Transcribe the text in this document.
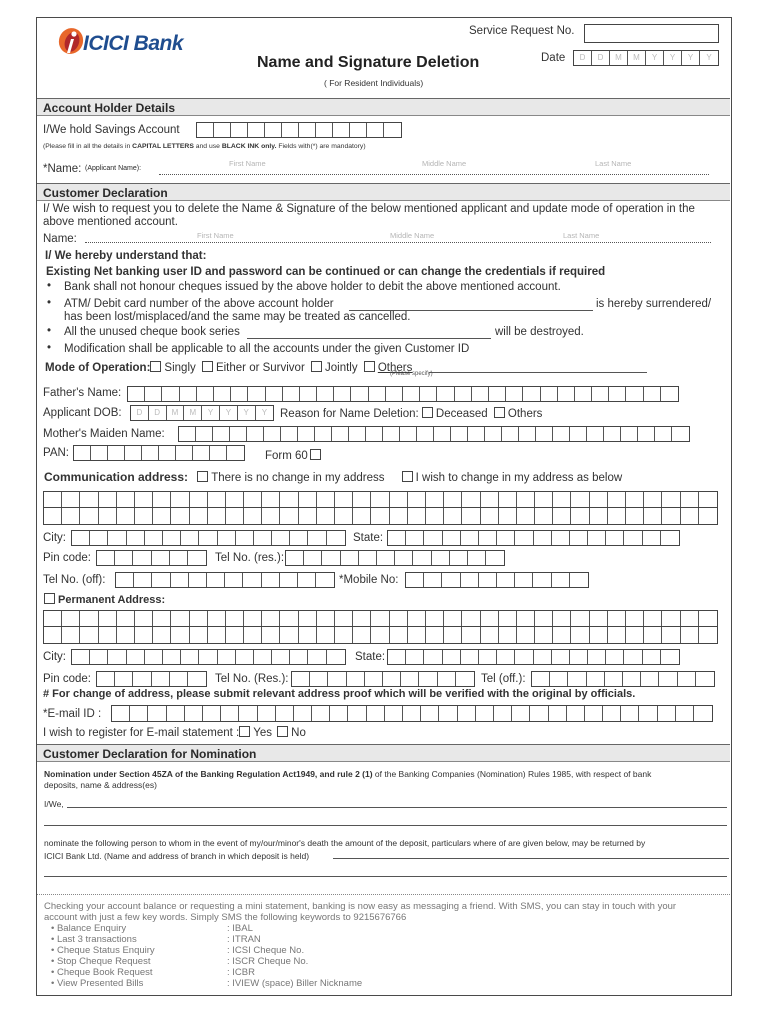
ICICI Bank
Name and Signature Deletion
( For Resident Individuals)
Service Request No.
Date	D	D	M	M	Y	Y	Y	Y
Account Holder Details
I/We hold Savings Account
(Please fill in all the details in CAPITAL LETTERS and use BLACK INK only. Fields with(*) are mandatory)
*Name: (Applicant Name):
First Name	Middle Name	Last Name
Customer Declaration
I/ We wish to request you to delete the Name & Signature of the below mentioned applicant and update mode of operation in the
above mentioned account.
Name:	First Name	Middle Name	Last Name
I/ We hereby understand that:
Existing Net banking user ID and password can be continued or can change the credentials if required
• Bank shall not honour cheques issued by the above holder to debit the above mentioned account.
• ATM/ Debit card number of the above account holder	is hereby surrendered/
has been lost/misplaced/and the same may be treated as cancelled.
• All the unused cheque book series	will be destroyed.
• Modification shall be applicable to all the accounts under the given Customer ID
Mode of Operation: Singly Either or Survivor Jointly Others
(Please specify)
Father's Name:
Applicant DOB:	D	D	M	M	Y	Y	Y	Y	Reason for Name Deletion: Deceased Others
Mother's Maiden Name:
PAN:	Form 60
Communication address: There is no change in my address	I wish to change in my address as below
City:	State:
Pin code:	Tel No. (res.):
Tel No. (off):	*Mobile No:
Permanent Address:
City:	State:
Pin code:	Tel No. (Res.):	Tel (off.):
# For change of address, please submit relevant address proof which will be verified with the original by officials.
*E-mail ID :
I wish to register for E-mail statement : Yes No
Customer Declaration for Nomination
Nomination under Section 45ZA of the Banking Regulation Act1949, and rule 2 (1) of the Banking Companies (Nomination) Rules 1985, with respect of bank
deposits, name & address(es)
I/We,
nominate the following person to whom in the event of my/our/minor's death the amount of the deposit, particulars where of are given below, may be returned by
ICICI Bank Ltd. (Name and address of branch in which deposit is held)
Checking your account balance or requesting a mini statement, banking is now easy as messaging a friend. With SMS, you can stay in touch with your
account with just a few key words. Simply SMS the following keywords to 9215676766
• Balance Enquiry	: IBAL
• Last 3 transactions	: ITRAN
• Cheque Status Enquiry	: ICSI Cheque No.
• Stop Cheque Request	: ISCR Cheque No.
• Cheque Book Request	: ICBR
• View Presented Bills	: IVIEW (space) Biller Nickname
